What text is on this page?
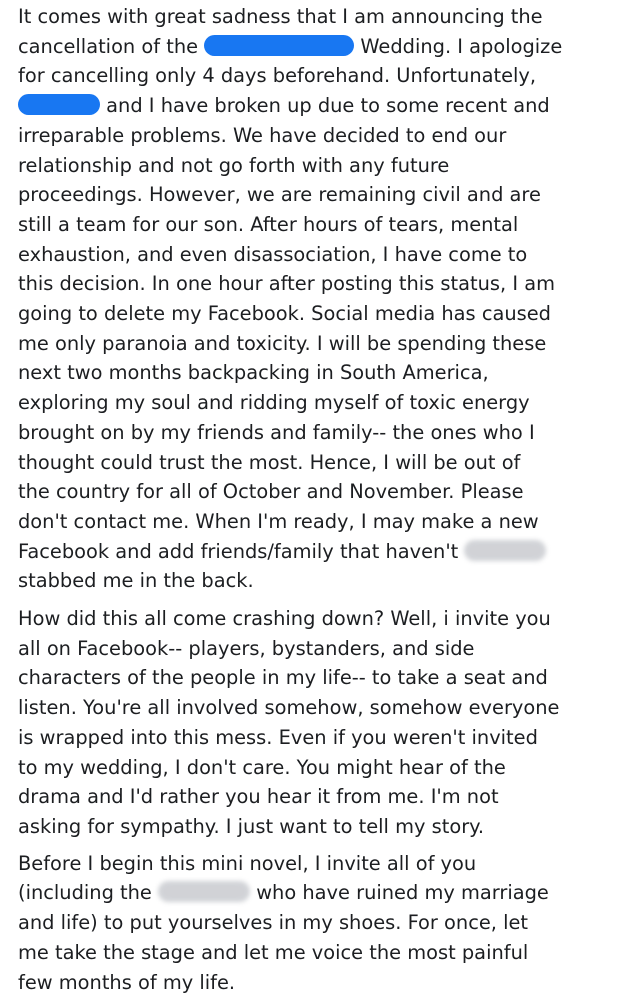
It comes with great sadness that I am announcing the
cancellation of the	Wedding. I apologize
for cancelling only 4 days beforehand. Unfortunately,
and I have broken up due to some recent and
irreparable problems. We have decided to end our
relationship and not go forth with any future
proceedings. However, we are remaining civil and are
still a team for our son. After hours of tears, mental
exhaustion, and even disassociation, I have come to
this decision. In one hour after posting this status, I am
going to delete my Facebook. Social media has caused
me only paranoia and toxicity. I will be spending these
next two months backpacking in South America,
exploring my soul and ridding myself of toxic energy
brought on by my friends and family-- the ones who I
thought could trust the most. Hence, I will be out of
the country for all of October and November. Please
don't contact me. When I'm ready, I may make a new
Facebook and add friends/family that haven't
stabbed me in the back.
How did this all come crashing down? Well, i invite you
all on Facebook-- players, bystanders, and side
characters of the people in my life-- to take a seat and
listen. You're all involved somehow, somehow everyone
is wrapped into this mess. Even if you weren't invited
to my wedding, I don't care. You might hear of the
drama and I'd rather you hear it from me. I'm not
asking for sympathy. I just want to tell my story.
Before I begin this mini novel, I invite all of you
(including the	who have ruined my marriage
and life) to put yourselves in my shoes. For once, let
me take the stage and let me voice the most painful
few months of my life.
